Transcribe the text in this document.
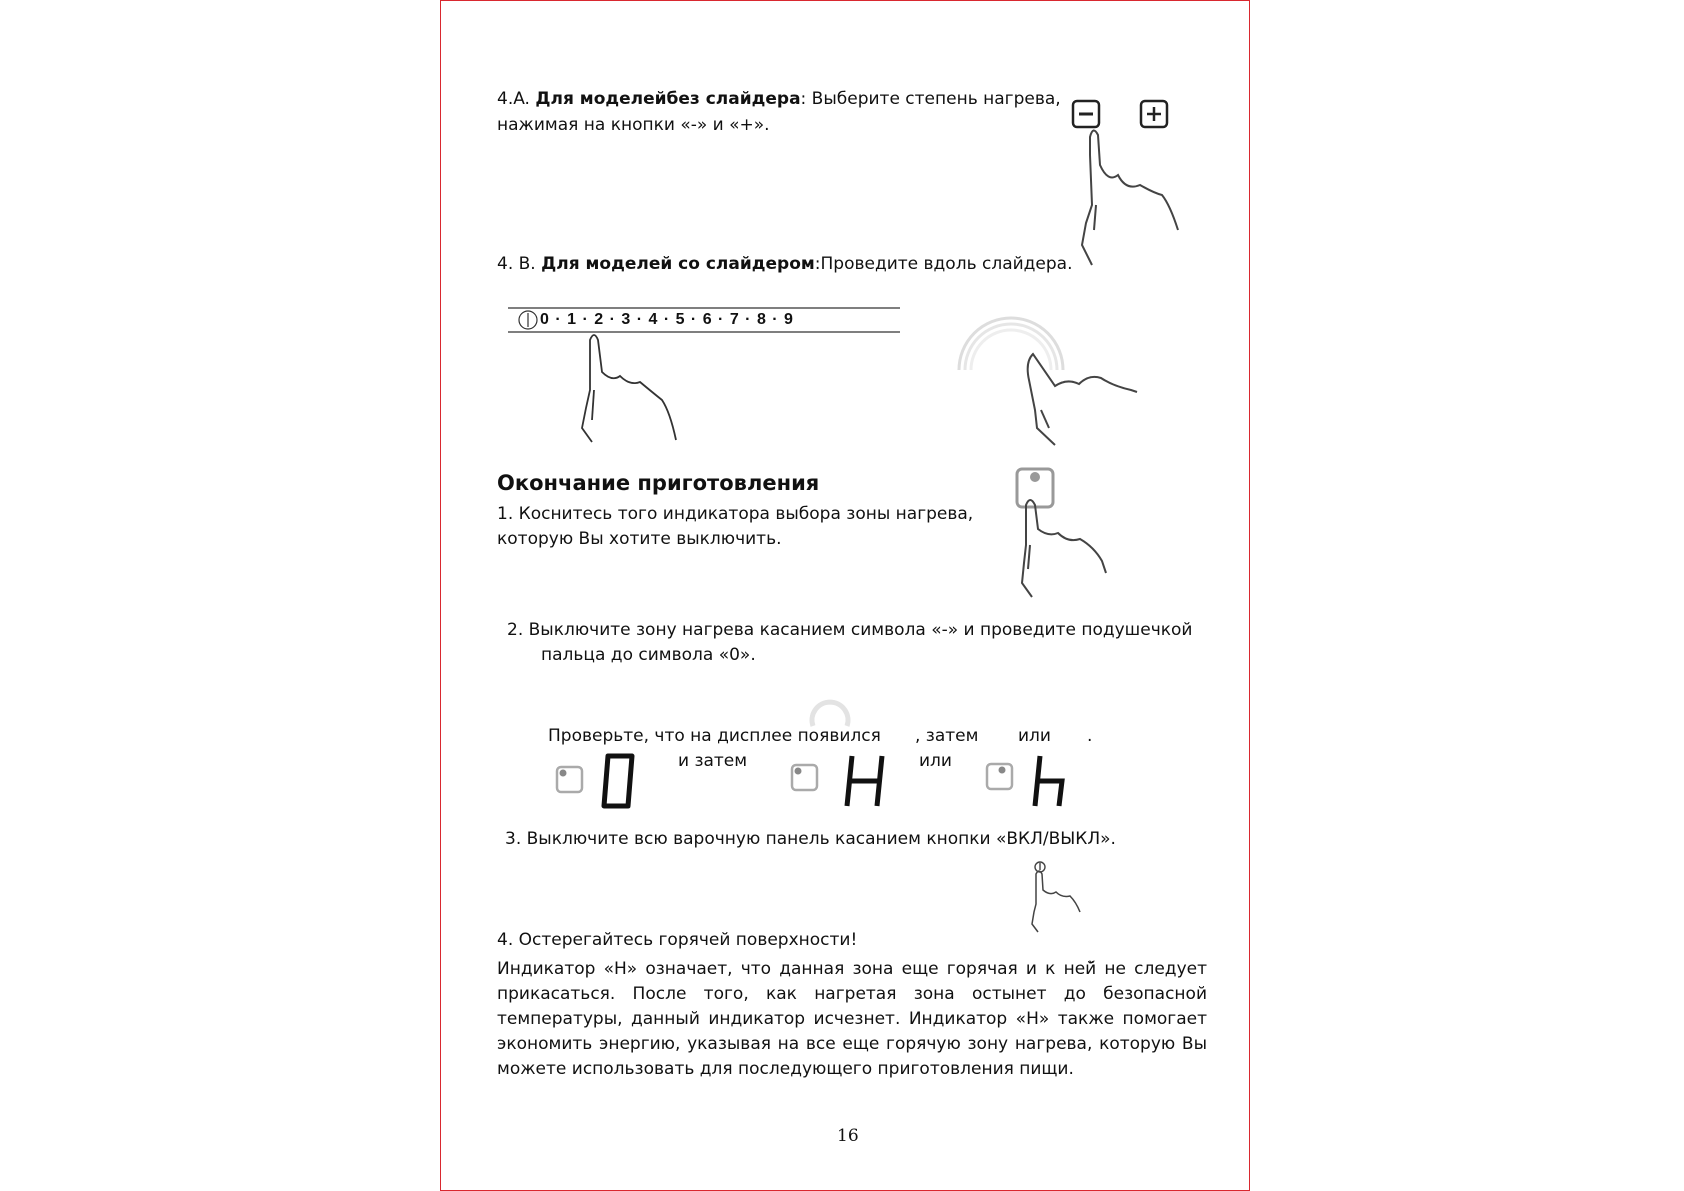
4.A. Для моделейбез слайдера: Выберите степень нагрева,
нажимая на кнопки «-» и «+».
4. B. Для моделей со слайдером:Проведите вдоль слайдера.
0 · 1 · 2 · 3 · 4 · 5 · 6 · 7 · 8 · 9
Окончание приготовления
1. Коснитесь того индикатора выбора зоны нагрева,
которую Вы хотите выключить.
2. Выключите зону нагрева касанием символа «-» и проведите подушечкой
пальца до символа «0».
Проверьте, что на дисплее появился , затем или .
и затем	или
3. Выключите всю варочную панель касанием кнопки «ВКЛ/ВЫКЛ».
4. Остерегайтесь горячей поверхности!
Индикатор «Н» означает, что данная зона еще горячая и к ней̆ не следует
прикасаться. После того, как нагретая зона остынет до безопасной
температуры, данный индикатор исчезнет. Индикатор «Н» также помогает
экономить энергию, указывая на все еще горячую зону нагрева, которую Вы
можете использовать для последующего приготовления пищи.
16
